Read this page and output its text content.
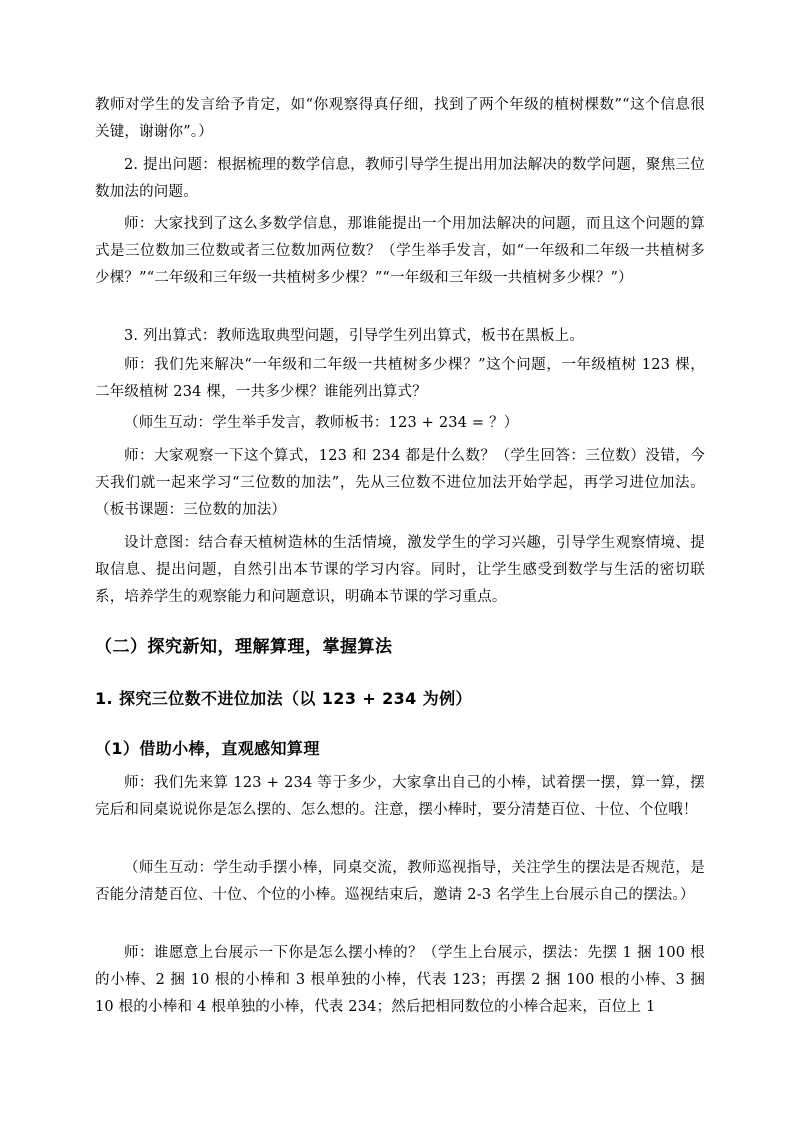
教师对学生的发言给予肯定，如“你观察得真仔细，找到了两个年级的植树棵数”“这个信息很关键，谢谢你”。）
2. 提出问题：根据梳理的数学信息，教师引导学生提出用加法解决的数学问题，聚焦三位数加法的问题。
师：大家找到了这么多数学信息，那谁能提出一个用加法解决的问题，而且这个问题的算式是三位数加三位数或者三位数加两位数？（学生举手发言，如“一年级和二年级一共植树多少棵？”“二年级和三年级一共植树多少棵？”“一年级和三年级一共植树多少棵？”）
3. 列出算式：教师选取典型问题，引导学生列出算式，板书在黑板上。
师：我们先来解决“一年级和二年级一共植树多少棵？”这个问题，一年级植树 123 棵，二年级植树 234 棵，一共多少棵？谁能列出算式？
（师生互动：学生举手发言，教师板书：123 + 234 = ？）
师：大家观察一下这个算式，123 和 234 都是什么数？（学生回答：三位数）没错，今天我们就一起来学习“三位数的加法”，先从三位数不进位加法开始学起，再学习进位加法。（板书课题：三位数的加法）
设计意图：结合春天植树造林的生活情境，激发学生的学习兴趣，引导学生观察情境、提取信息、提出问题，自然引出本节课的学习内容。同时，让学生感受到数学与生活的密切联系，培养学生的观察能力和问题意识，明确本节课的学习重点。
（二）探究新知，理解算理，掌握算法
1. 探究三位数不进位加法（以 123 + 234 为例）
（1）借助小棒，直观感知算理
师：我们先来算 123 + 234 等于多少，大家拿出自己的小棒，试着摆一摆，算一算，摆完后和同桌说说你是怎么摆的、怎么想的。注意，摆小棒时，要分清楚百位、十位、个位哦！
（师生互动：学生动手摆小棒，同桌交流，教师巡视指导，关注学生的摆法是否规范，是否能分清楚百位、十位、个位的小棒。巡视结束后，邀请 2-3 名学生上台展示自己的摆法。）
师：谁愿意上台展示一下你是怎么摆小棒的？（学生上台展示，摆法：先摆 1 捆 100 根的小棒、2 捆 10 根的小棒和 3 根单独的小棒，代表 123；再摆 2 捆 100 根的小棒、3 捆 10 根的小棒和 4 根单独的小棒，代表 234；然后把相同数位的小棒合起来，百位上 1
